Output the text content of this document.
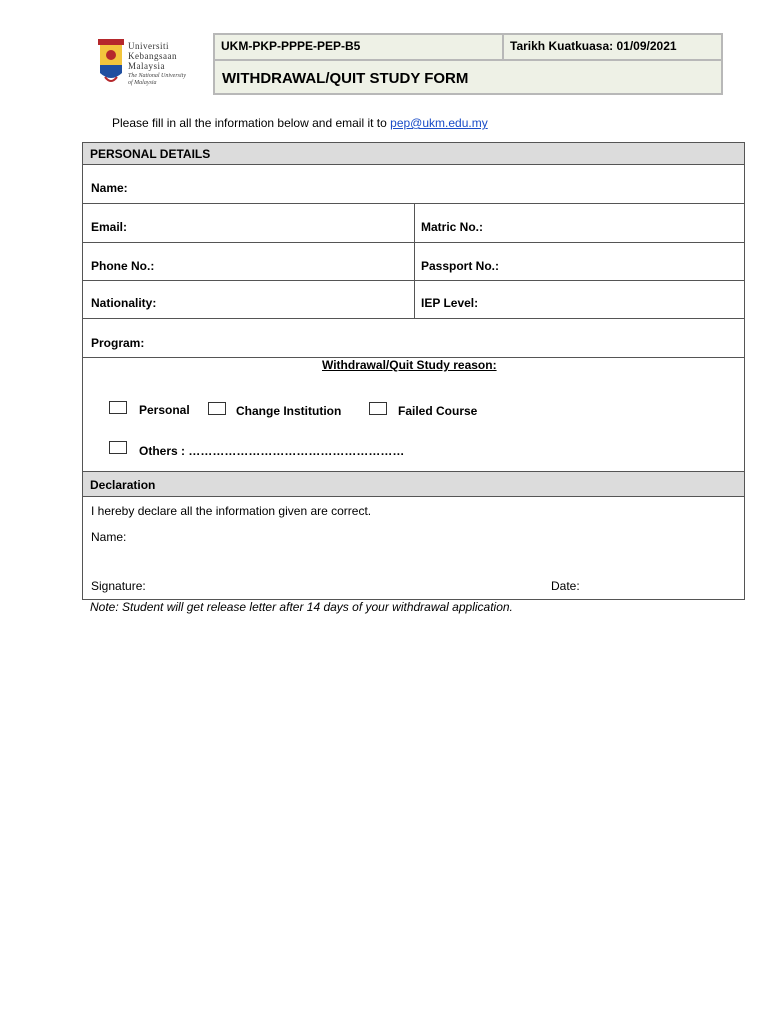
Universiti
Kebangsaan
Malaysia
The National University
of Malaysia
UKM-PKP-PPPE-PEP-B5	Tarikh Kuatkuasa: 01/09/2021
WITHDRAWAL/QUIT STUDY FORM
Please fill in all the information below and email it to pep@ukm.edu.my
PERSONAL DETAILS
Name:
Email:	Matric No.:
Phone No.:	Passport No.:
Nationality:	IEP Level:
Program:
Withdrawal/Quit Study reason:
Personal	Change Institution	Failed Course
Others : ………………………………………………
Declaration
I hereby declare all the information given are correct.
Name:
Signature:	Date:
Note: Student will get release letter after 14 days of your withdrawal application.
